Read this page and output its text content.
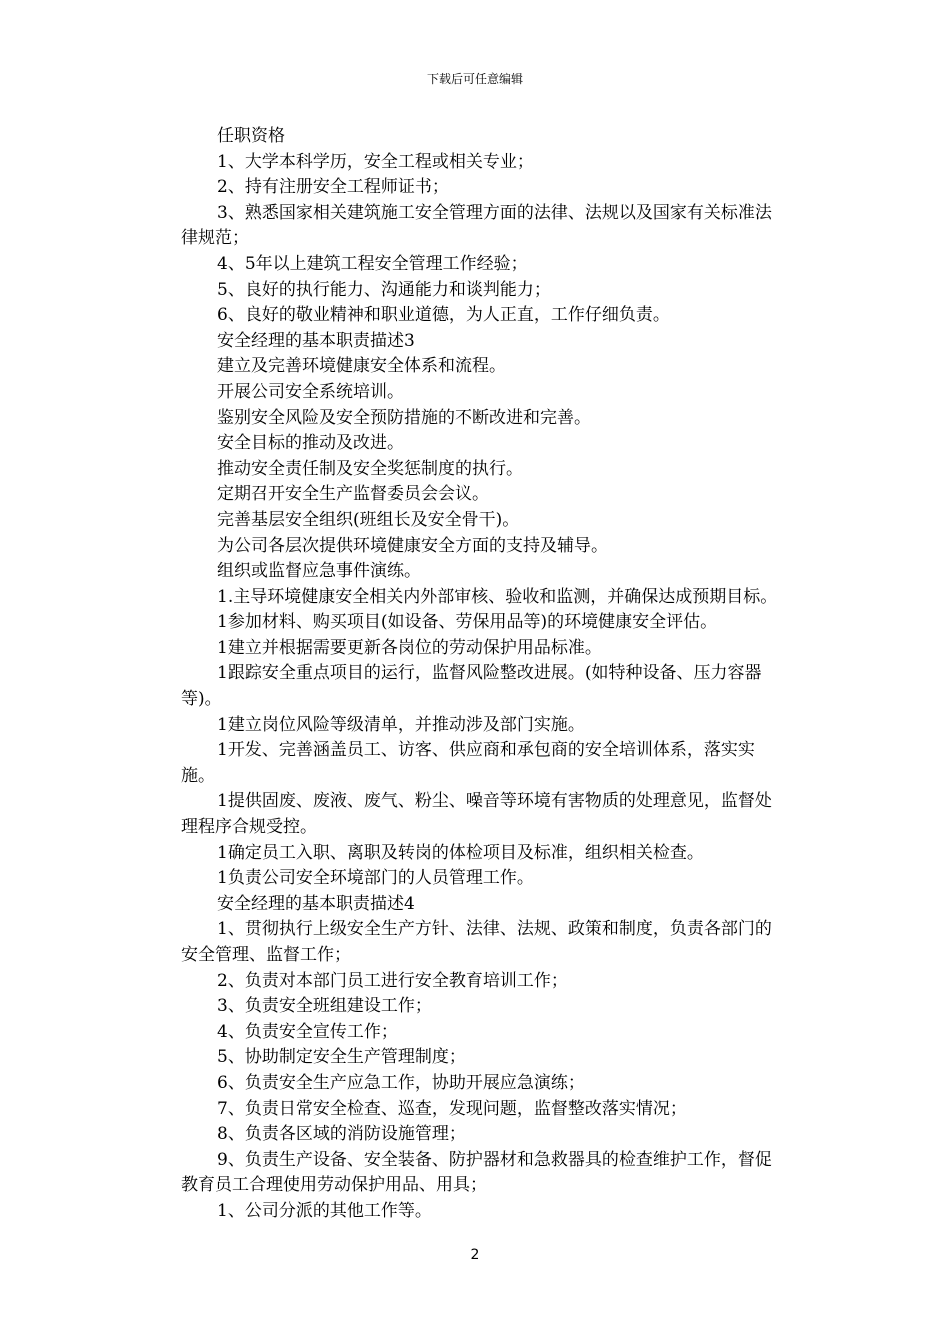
下载后可任意编辑

任职资格

1、大学本科学历，安全工程或相关专业；

2、持有注册安全工程师证书；

3、熟悉国家相关建筑施工安全管理方面的法律、法规以及国家有关标准法律规范；

4、5年以上建筑工程安全管理工作经验；

5、良好的执行能力、沟通能力和谈判能力；

6、良好的敬业精神和职业道德，为人正直，工作仔细负责。

安全经理的基本职责描述3

建立及完善环境健康安全体系和流程。

开展公司安全系统培训。

鉴别安全风险及安全预防措施的不断改进和完善。

安全目标的推动及改进。

推动安全责任制及安全奖惩制度的执行。

定期召开安全生产监督委员会会议。

完善基层安全组织(班组长及安全骨干)。

为公司各层次提供环境健康安全方面的支持及辅导。

组织或监督应急事件演练。

1.主导环境健康安全相关内外部审核、验收和监测，并确保达成预期目标。

1参加材料、购买项目(如设备、劳保用品等)的环境健康安全评估。

1建立并根据需要更新各岗位的劳动保护用品标准。

1跟踪安全重点项目的运行，监督风险整改进展。(如特种设备、压力容器等)。

1建立岗位风险等级清单，并推动涉及部门实施。

1开发、完善涵盖员工、访客、供应商和承包商的安全培训体系，落实实施。

1提供固废、废液、废气、粉尘、噪音等环境有害物质的处理意见，监督处理程序合规受控。

1确定员工入职、离职及转岗的体检项目及标准，组织相关检查。

1负责公司安全环境部门的人员管理工作。

安全经理的基本职责描述4

1、贯彻执行上级安全生产方针、法律、法规、政策和制度，负责各部门的安全管理、监督工作；

2、负责对本部门员工进行安全教育培训工作；

3、负责安全班组建设工作；

4、负责安全宣传工作；

5、协助制定安全生产管理制度；

6、负责安全生产应急工作，协助开展应急演练；

7、负责日常安全检查、巡查，发现问题，监督整改落实情况；

8、负责各区域的消防设施管理；

9、负责生产设备、安全装备、防护器材和急救器具的检查维护工作，督促教育员工合理使用劳动保护用品、用具；

1、公司分派的其他工作等。

2
